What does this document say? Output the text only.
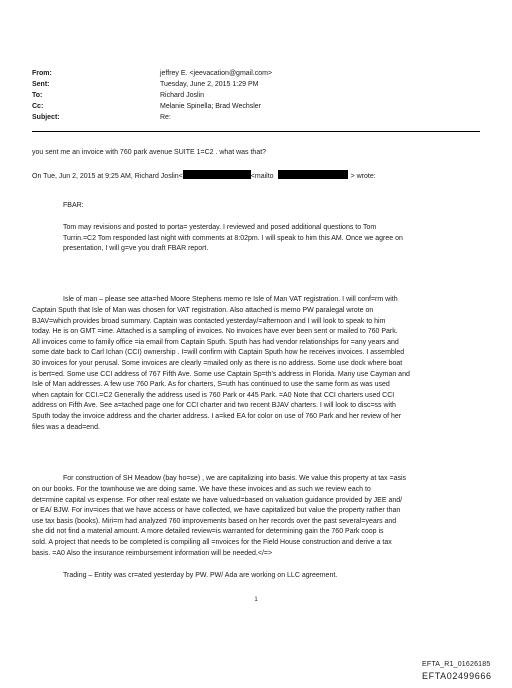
From:	jeffrey E. <jeevacation@gmail.com>
Sent:	Tuesday, June 2, 2015 1:29 PM
To:	Richard Joslin
Cc:	Melanie Spinella; Brad Wechsler
Subject:	Re:
you sent me an invoice with 760 park avenue SUITE 1=C2 . what was that?
On Tue, Jun 2, 2015 at 9:25 AM, Richard Joslin<	<mailto	> wrote:
FBAR:
Tom may revisions and posted to porta= yesterday. I reviewed and posed additional questions to Tom
Turrin.=C2 Tom responded last night with comments at 8:02pm. I will speak to him this AM. Once we agree on
presentation, I will g=ve you draft FBAR report.
Isle of man – please see atta=hed Moore Stephens memo re Isle of Man VAT registration. I will conf=rm with
Captain Sputh that Isle of Man was chosen for VAT registration. Also attached is memo PW paralegal wrote on
BJAV=which provides broad summary. Captain was contacted yesterday/=afternoon and I will look to speak to him
today. He is on GMT =ime. Attached is a sampling of invoices. No invoices have ever been sent or mailed to 760 Park.
All invoices come to family office =ia email from Captain Sputh. Sputh has had vendor relationships for =any years and
some date back to Carl Ichan (CCI) ownership . I=will confirm with Captain Sputh how he receives invoices. I assembled
30 invoices for your perusal. Some invoices are clearly =mailed only as there is no address. Some use dock where boat
is bert=ed. Some use CCI address of 767 Fifth Ave. Some use Captain Sp=th's address in Florida. Many use Cayman and
Isle of Man addresses. A few use 760 Park. As for charters, S=uth has continued to use the same form as was used
when captain for CCI.=C2 Generally the address used is 760 Park or 445 Park. =A0 Note that CCI charters used CCI
address on Fifth Ave. See a=tached page one for CCI charter and two recent BJAV charters. I will look to disc=ss with
Sputh today the invoice address and the charter address. I a=ked EA for color on use of 760 Park and her review of her
files was a dead=end.
For construction of SH Meadow (bay ho=se) , we are capitalizing into basis. We value this property at tax =asis
on our books. For the townhouse we are doing same. We have these invoices and as such we review each to
det=rmine capital vs expense. For other real estate we have valued=based on valuation guidance provided by JEE and/
or EA/ BJW. For inv=ices that we have access or have collected, we have capitalized but value the property rather than
use tax basis (books). Miri=m had analyzed 760 improvements based on her records over the past several=years and
she did not find a material amount. A more detailed review=is warranted for determining gain the 760 Park coop is
sold. A project that needs to be completed is compiling all =nvoices for the Field House construction and derive a tax
basis. =A0 Also the insurance reimbursement information will be needed.</=>
Trading – Entity was cr=ated yesterday by PW. PW/ Ada are working on LLC agreement.
1
EFTA_R1_01626185
EFTA02499666
